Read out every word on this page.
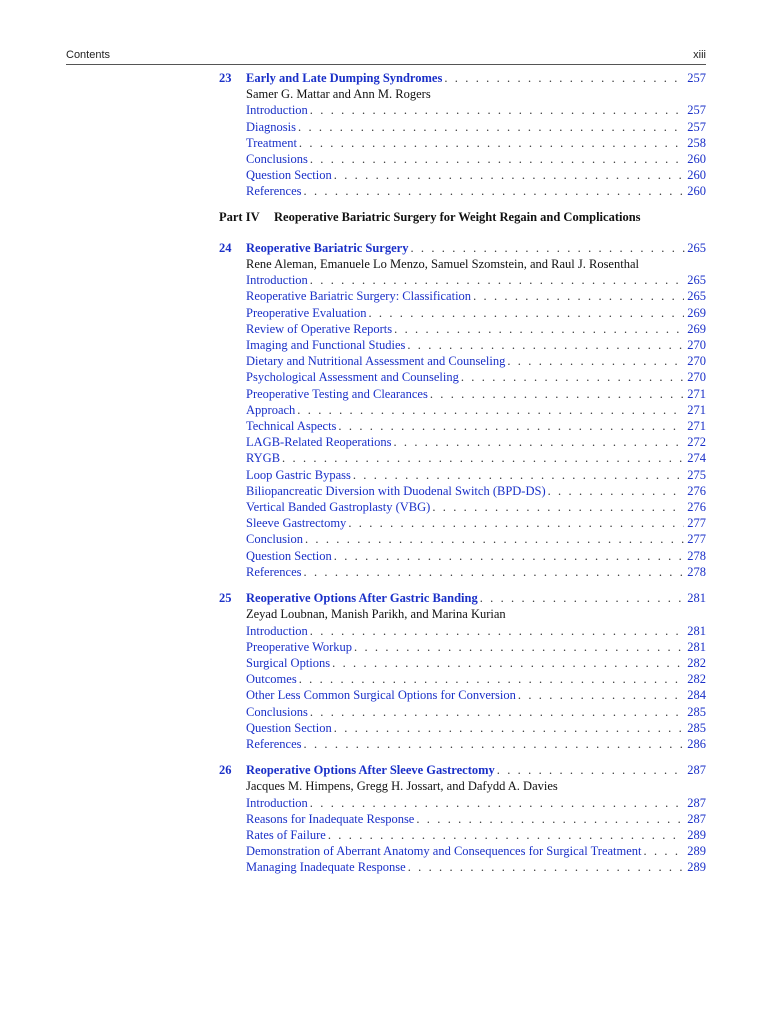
Contents	xiii
23 Early and Late Dumping Syndromes . . .	257
Samer G. Mattar and Ann M. Rogers
Introduction . . .	257
Diagnosis . . .	257
Treatment . . .	258
Conclusions . . .	260
Question Section . . .	260
References . . .	260
Part IV Reoperative Bariatric Surgery for Weight Regain and Complications
24 Reoperative Bariatric Surgery . . .	265
Rene Aleman, Emanuele Lo Menzo, Samuel Szomstein, and Raul J. Rosenthal
Introduction . . .	265
Reoperative Bariatric Surgery: Classification . . .	265
Preoperative Evaluation . . .	269
Review of Operative Reports . . .	269
Imaging and Functional Studies . . .	270
Dietary and Nutritional Assessment and Counseling . . .	270
Psychological Assessment and Counseling . . .	270
Preoperative Testing and Clearances . . .	271
Approach . . .	271
Technical Aspects . . .	271
LAGB-Related Reoperations . . .	272
RYGB . . .	274
Loop Gastric Bypass . . .	275
Biliopancreatic Diversion with Duodenal Switch (BPD-DS) . . .	276
Vertical Banded Gastroplasty (VBG) . . .	276
Sleeve Gastrectomy . . .	277
Conclusion . . .	277
Question Section . . .	278
References . . .	278
25 Reoperative Options After Gastric Banding . . .	281
Zeyad Loubnan, Manish Parikh, and Marina Kurian
Introduction . . .	281
Preoperative Workup . . .	281
Surgical Options . . .	282
Outcomes . . .	282
Other Less Common Surgical Options for Conversion . . .	284
Conclusions . . .	285
Question Section . . .	285
References . . .	286
26 Reoperative Options After Sleeve Gastrectomy . . .	287
Jacques M. Himpens, Gregg H. Jossart, and Dafydd A. Davies
Introduction . . .	287
Reasons for Inadequate Response . . .	287
Rates of Failure . . .	289
Demonstration of Aberrant Anatomy and Consequences for Surgical Treatment . . .	289
Managing Inadequate Response . . .	289
